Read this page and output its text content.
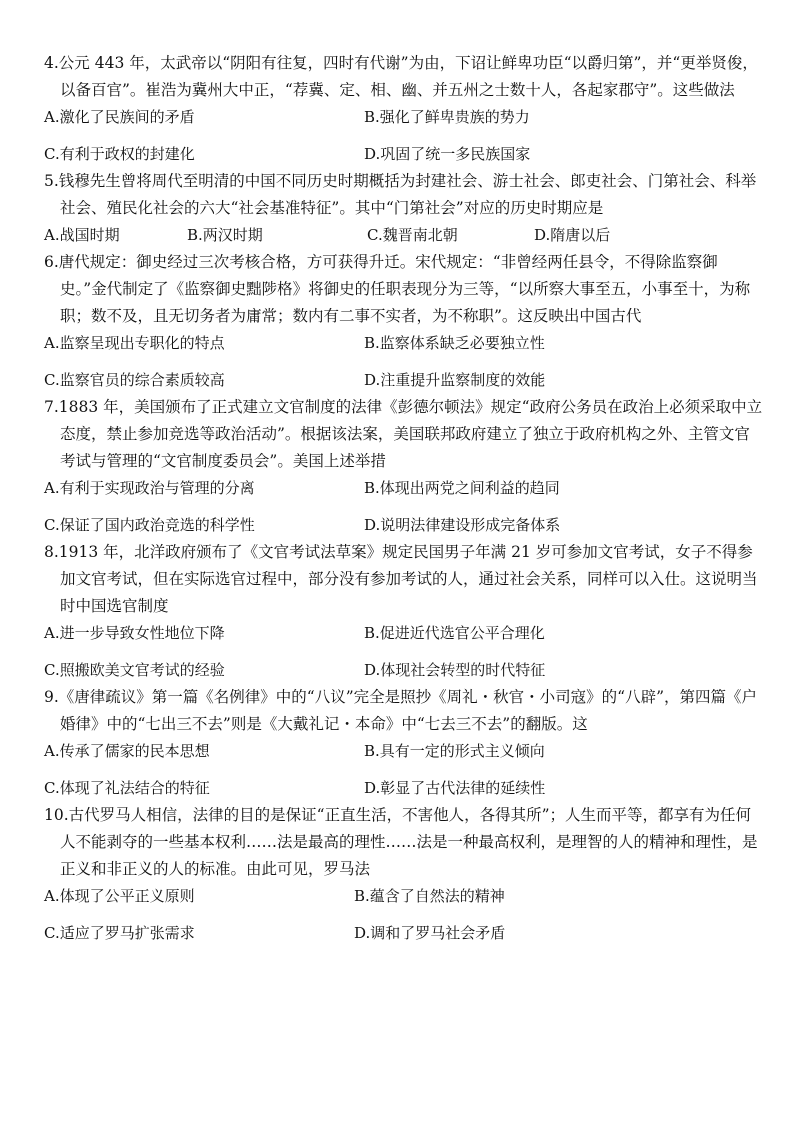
4.公元 443 年，太武帝以“阴阳有往复，四时有代谢”为由，下诏让鲜卑功臣“以爵归第”，并“更举贤俊，以备百官”。崔浩为冀州大中正，“荐冀、定、相、幽、并五州之士数十人，各起家郡守”。这些做法

A.激化了民族间的矛盾	B.强化了鲜卑贵族的势力
C.有利于政权的封建化	D.巩固了统一多民族国家

5.钱穆先生曾将周代至明清的中国不同历史时期概括为封建社会、游士社会、郎吏社会、门第社会、科举社会、殖民化社会的六大“社会基准特征”。其中“门第社会”对应的历史时期应是

A.战国时期	B.两汉时期	C.魏晋南北朝	D.隋唐以后

6.唐代规定：御史经过三次考核合格，方可获得升迁。宋代规定：“非曾经两任县令，不得除监察御史。”金代制定了《监察御史黜陟格》将御史的任职表现分为三等，“以所察大事至五，小事至十，为称职；数不及，且无切务者为庸常；数内有二事不实者，为不称职”。这反映出中国古代

A.监察呈现出专职化的特点	B.监察体系缺乏必要独立性
C.监察官员的综合素质较高	D.注重提升监察制度的效能

7.1883 年，美国颁布了正式建立文官制度的法律《彭德尔顿法》规定“政府公务员在政治上必须采取中立态度，禁止参加竞选等政治活动”。根据该法案，美国联邦政府建立了独立于政府机构之外、主管文官考试与管理的“文官制度委员会”。美国上述举措

A.有利于实现政治与管理的分离	B.体现出两党之间利益的趋同
C.保证了国内政治竞选的科学性	D.说明法律建设形成完备体系

8.1913 年，北洋政府颁布了《文官考试法草案》规定民国男子年满 21 岁可参加文官考试，女子不得参加文官考试，但在实际选官过程中，部分没有参加考试的人，通过社会关系，同样可以入仕。这说明当时中国选官制度

A.进一步导致女性地位下降	B.促进近代选官公平合理化
C.照搬欧美文官考试的经验	D.体现社会转型的时代特征

9.《唐律疏议》第一篇《名例律》中的“八议”完全是照抄《周礼・秋官・小司寇》的“八辟”，第四篇《户婚律》中的“七出三不去”则是《大戴礼记・本命》中“七去三不去”的翻版。这

A.传承了儒家的民本思想	B.具有一定的形式主义倾向
C.体现了礼法结合的特征	D.彰显了古代法律的延续性

10.古代罗马人相信，法律的目的是保证“正直生活，不害他人，各得其所”；人生而平等，都享有为任何人不能剥夺的一些基本权利……法是最高的理性……法是一种最高权利，是理智的人的精神和理性，是正义和非正义的人的标准。由此可见，罗马法

A.体现了公平正义原则	B.蕴含了自然法的精神
C.适应了罗马扩张需求	D.调和了罗马社会矛盾
